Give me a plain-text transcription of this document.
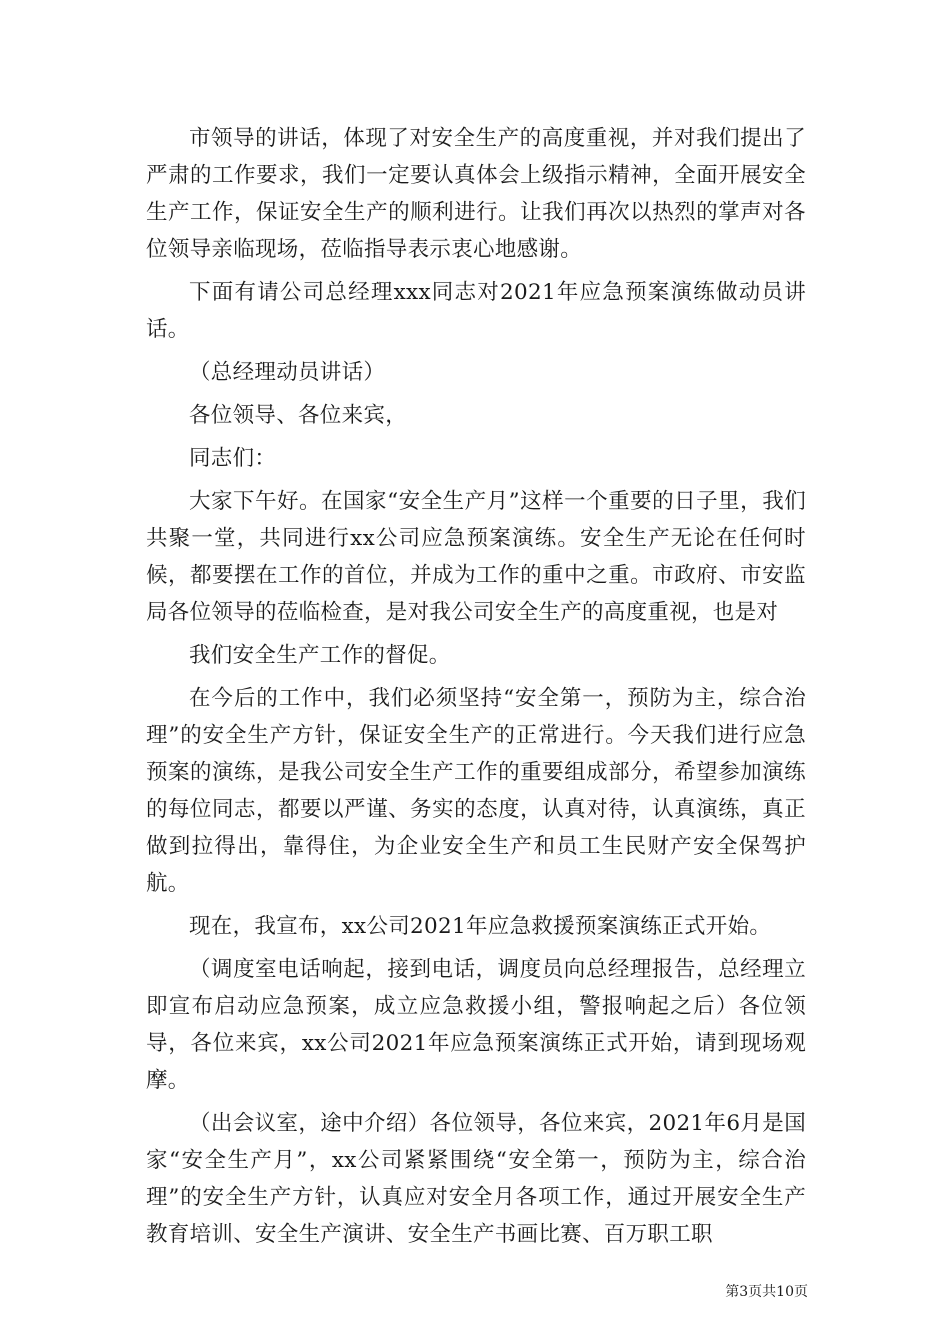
市领导的讲话，体现了对安全生产的高度重视，并对我们提出了严肃的工作要求，我们一定要认真体会上级指示精神，全面开展安全生产工作，保证安全生产的顺利进行。让我们再次以热烈的掌声对各位领导亲临现场，莅临指导表示衷心地感谢。

下面有请公司总经理xxx同志对2021年应急预案演练做动员讲话。

（总经理动员讲话）

各位领导、各位来宾，

同志们：

大家下午好。在国家“安全生产月”这样一个重要的日子里，我们共聚一堂，共同进行xx公司应急预案演练。安全生产无论在任何时候，都要摆在工作的首位，并成为工作的重中之重。市政府、市安监局各位领导的莅临检查，是对我公司安全生产的高度重视，也是对

我们安全生产工作的督促。

在今后的工作中，我们必须坚持“安全第一，预防为主，综合治理”的安全生产方针，保证安全生产的正常进行。今天我们进行应急预案的演练，是我公司安全生产工作的重要组成部分，希望参加演练的每位同志，都要以严谨、务实的态度，认真对待，认真演练，真正做到拉得出，靠得住，为企业安全生产和员工生民财产安全保驾护航。

现在，我宣布，xx公司2021年应急救援预案演练正式开始。

（调度室电话响起，接到电话，调度员向总经理报告，总经理立即宣布启动应急预案，成立应急救援小组，警报响起之后）各位领导，各位来宾，xx公司2021年应急预案演练正式开始，请到现场观摩。

（出会议室，途中介绍）各位领导，各位来宾，2021年6月是国家“安全生产月”，xx公司紧紧围绕“安全第一，预防为主，综合治理”的安全生产方针，认真应对安全月各项工作，通过开展安全生产教育培训、安全生产演讲、安全生产书画比赛、百万职工职

第3页共10页
